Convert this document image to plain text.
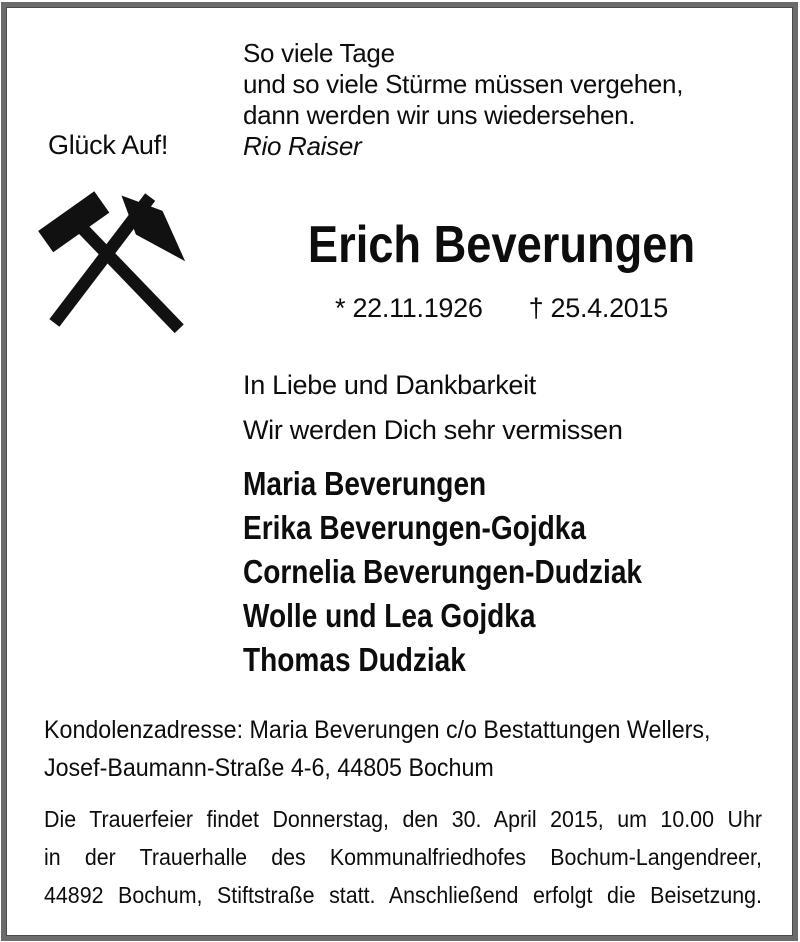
So viele Tage
und so viele Stürme müssen vergehen,
dann werden wir uns wiedersehen.
Rio Raiser
Glück Auf!
Erich Beverungen
* 22.11.1926 † 25.4.2015
In Liebe und Dankbarkeit
Wir werden Dich sehr vermissen
Maria Beverungen
Erika Beverungen-Gojdka
Cornelia Beverungen-Dudziak
Wolle und Lea Gojdka
Thomas Dudziak
Kondolenzadresse: Maria Beverungen c/o Bestattungen Wellers,
Josef-Baumann-Straße 4-6, 44805 Bochum
Die Trauerfeier findet Donnerstag, den 30. April 2015, um 10.00 Uhr
in der Trauerhalle des Kommunalfriedhofes Bochum-Langendreer,
44892 Bochum, Stiftstraße statt. Anschließend erfolgt die Beisetzung.
